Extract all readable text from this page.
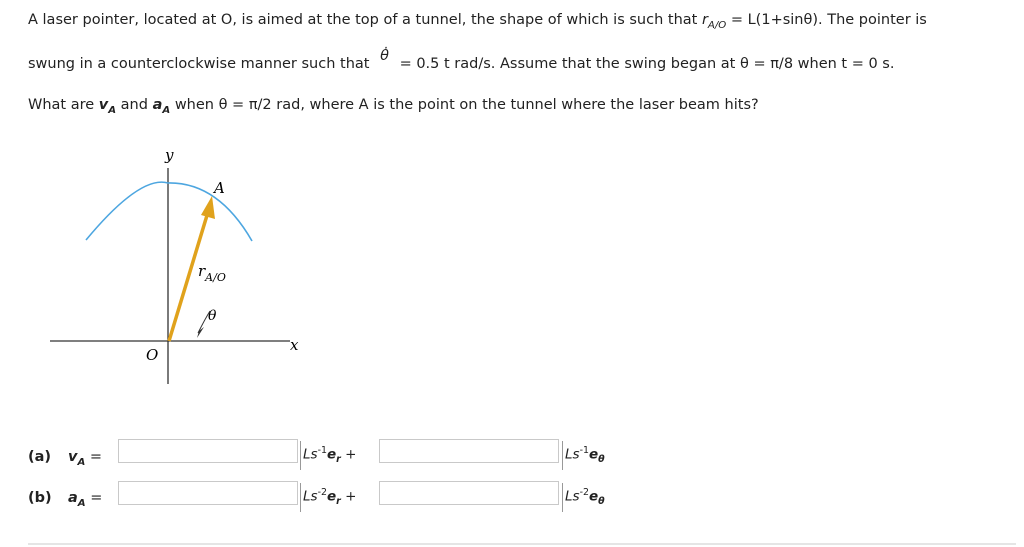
A laser pointer, located at O, is aimed at the top of a tunnel, the shape of which is such that $r_{A/O} = L(1+\sin\theta)$. The pointer is
swung in a counterclockwise manner such that θ̇ = 0.5 t rad/s. Assume that the swing began at θ = π/8 when t = 0 s.
What are $v_A$ and $a_A$ when θ = π/2 rad, where A is the point on the tunnel where the laser beam hits?
y
x
O
A
$r_{A/O}$
θ
(a) $v_A$ =	$Ls^{-1}e_r$ +	$Ls^{-1}e_\theta$
(b) $a_A$ =	$Ls^{-2}e_r$ +	$Ls^{-2}e_\theta$
